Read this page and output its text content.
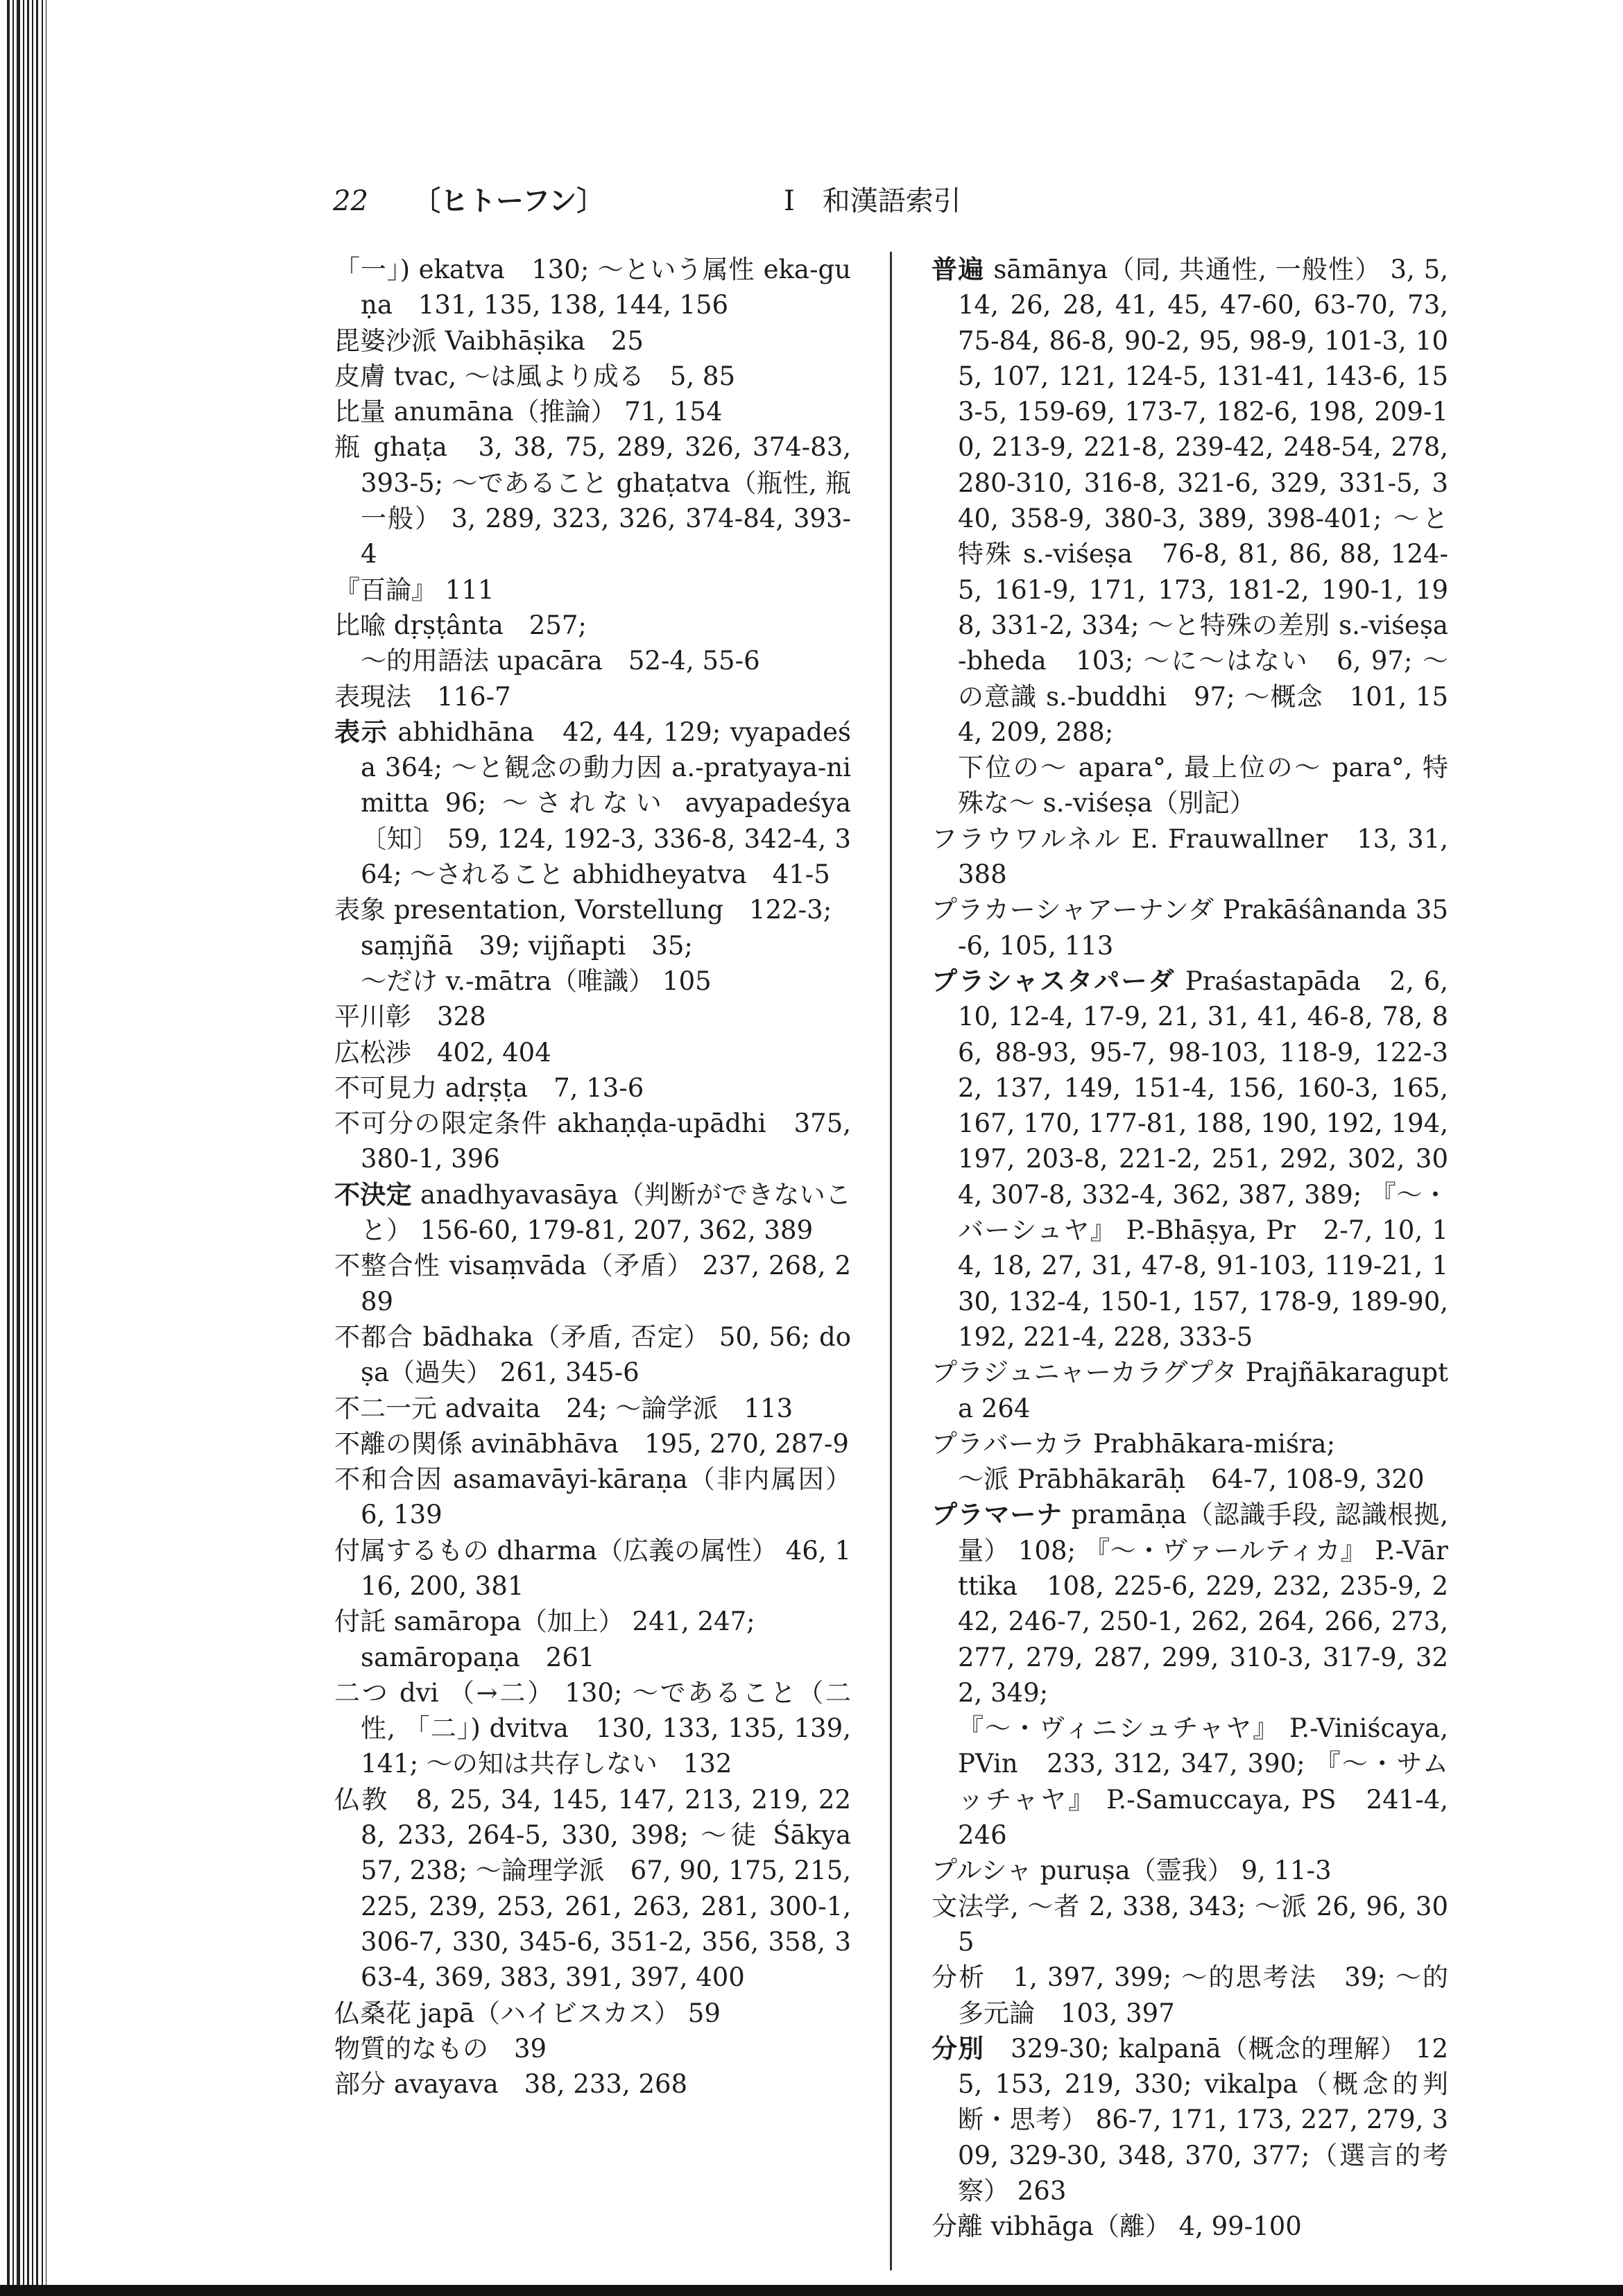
22 〔ヒトーフン〕	I　和漢語索引

「一」) ekatva　130; ～という属性 eka-guṇa　131, 135, 138, 144, 156

毘婆沙派 Vaibhāṣika　25

皮膚 tvac, ～は風より成る　5, 85

比量 anumāna（推論） 71, 154

瓶 ghaṭa　3, 38, 75, 289, 326, 374-83, 393-5; ～であること ghaṭatva（瓶性, 瓶一般） 3, 289, 323, 326, 374-84, 393-4

『百論』 111

比喩 dṛṣṭânta　257;

～的用語法 upacāra　52-4, 55-6

表現法　116-7

表示 abhidhāna　42, 44, 129; vyapadeśa 364; ～と観念の動力因 a.-pratyaya-nimitta 96; ～されない avyapadeśya 〔知〕 59, 124, 192-3, 336-8, 342-4, 364; ～されること abhidheyatva　41-5

表象 presentation, Vorstellung　122-3;

saṃjñā　39; vijñapti　35;

～だけ v.-mātra（唯識） 105

平川彰　328

広松渉　402, 404

不可見力 adṛṣṭa　7, 13-6

不可分の限定条件 akhaṇḍa-upādhi　375, 380-1, 396

不決定 anadhyavasāya（判断ができないこと） 156-60, 179-81, 207, 362, 389

不整合性 visaṃvāda（矛盾） 237, 268, 289

不都合 bādhaka（矛盾, 否定） 50, 56; doṣa（過失） 261, 345-6

不二一元 advaita　24; ～論学派　113

不離の関係 avinābhāva　195, 270, 287-9

不和合因 asamavāyi-kāraṇa（非内属因） 6, 139

付属するもの dharma（広義の属性） 46, 116, 200, 381

付託 samāropa（加上） 241, 247;

samāropaṇa　261

二つ dvi （→二） 130; ～であること（二性, 「二」) dvitva　130, 133, 135, 139, 141; ～の知は共存しない　132

仏教　8, 25, 34, 145, 147, 213, 219, 228, 233, 264-5, 330, 398; ～徒 Śākya　57, 238; ～論理学派　67, 90, 175, 215, 225, 239, 253, 261, 263, 281, 300-1, 306-7, 330, 345-6, 351-2, 356, 358, 363-4, 369, 383, 391, 397, 400

仏桑花 japā（ハイビスカス） 59

物質的なもの　39

部分 avayava　38, 233, 268

普遍 sāmānya（同, 共通性, 一般性） 3, 5, 14, 26, 28, 41, 45, 47-60, 63-70, 73, 75-84, 86-8, 90-2, 95, 98-9, 101-3, 105, 107, 121, 124-5, 131-41, 143-6, 153-5, 159-69, 173-7, 182-6, 198, 209-10, 213-9, 221-8, 239-42, 248-54, 278, 280-310, 316-8, 321-6, 329, 331-5, 340, 358-9, 380-3, 389, 398-401; ～と特殊 s.-viśeṣa　76-8, 81, 86, 88, 124-5, 161-9, 171, 173, 181-2, 190-1, 198, 331-2, 334; ～と特殊の差別 s.-viśeṣa-bheda　103; ～に～はない　6, 97; ～の意識 s.-buddhi　97; ～概念　101, 154, 209, 288;

下位の～ apara°, 最上位の～ para°, 特殊な～ s.-viśeṣa（別記）

フラウワルネル E. Frauwallner　13, 31, 388

プラカーシャアーナンダ Prakāśânanda 35-6, 105, 113

プラシャスタパーダ Praśastapāda　2, 6, 10, 12-4, 17-9, 21, 31, 41, 46-8, 78, 86, 88-93, 95-7, 98-103, 118-9, 122-32, 137, 149, 151-4, 156, 160-3, 165, 167, 170, 177-81, 188, 190, 192, 194, 197, 203-8, 221-2, 251, 292, 302, 304, 307-8, 332-4, 362, 387, 389; 『～・バーシュヤ』 P.-Bhāṣya, Pr　2-7, 10, 14, 18, 27, 31, 47-8, 91-103, 119-21, 130, 132-4, 150-1, 157, 178-9, 189-90, 192, 221-4, 228, 333-5

プラジュニャーカラグプタ Prajñākaragupta 264

プラバーカラ Prabhākara-miśra;

～派 Prābhākarāḥ　64-7, 108-9, 320

プラマーナ pramāṇa（認識手段, 認識根拠, 量） 108; 『～・ヴァールティカ』 P.-Vārttika　108, 225-6, 229, 232, 235-9, 242, 246-7, 250-1, 262, 264, 266, 273, 277, 279, 287, 299, 310-3, 317-9, 322, 349;

『～・ヴィニシュチャヤ』 P.-Viniścaya, PVin　233, 312, 347, 390; 『～・サムッチャヤ』 P.-Samuccaya, PS　241-4, 246

プルシャ puruṣa（霊我） 9, 11-3

文法学, ～者 2, 338, 343; ～派 26, 96, 305

分析　1, 397, 399; ～的思考法　39; ～的多元論　103, 397

分別　329-30; kalpanā（概念的理解） 125, 153, 219, 330; vikalpa（概念的判断・思考） 86-7, 171, 173, 227, 279, 309, 329-30, 348, 370, 377;（選言的考察） 263

分離 vibhāga（離） 4, 99-100
